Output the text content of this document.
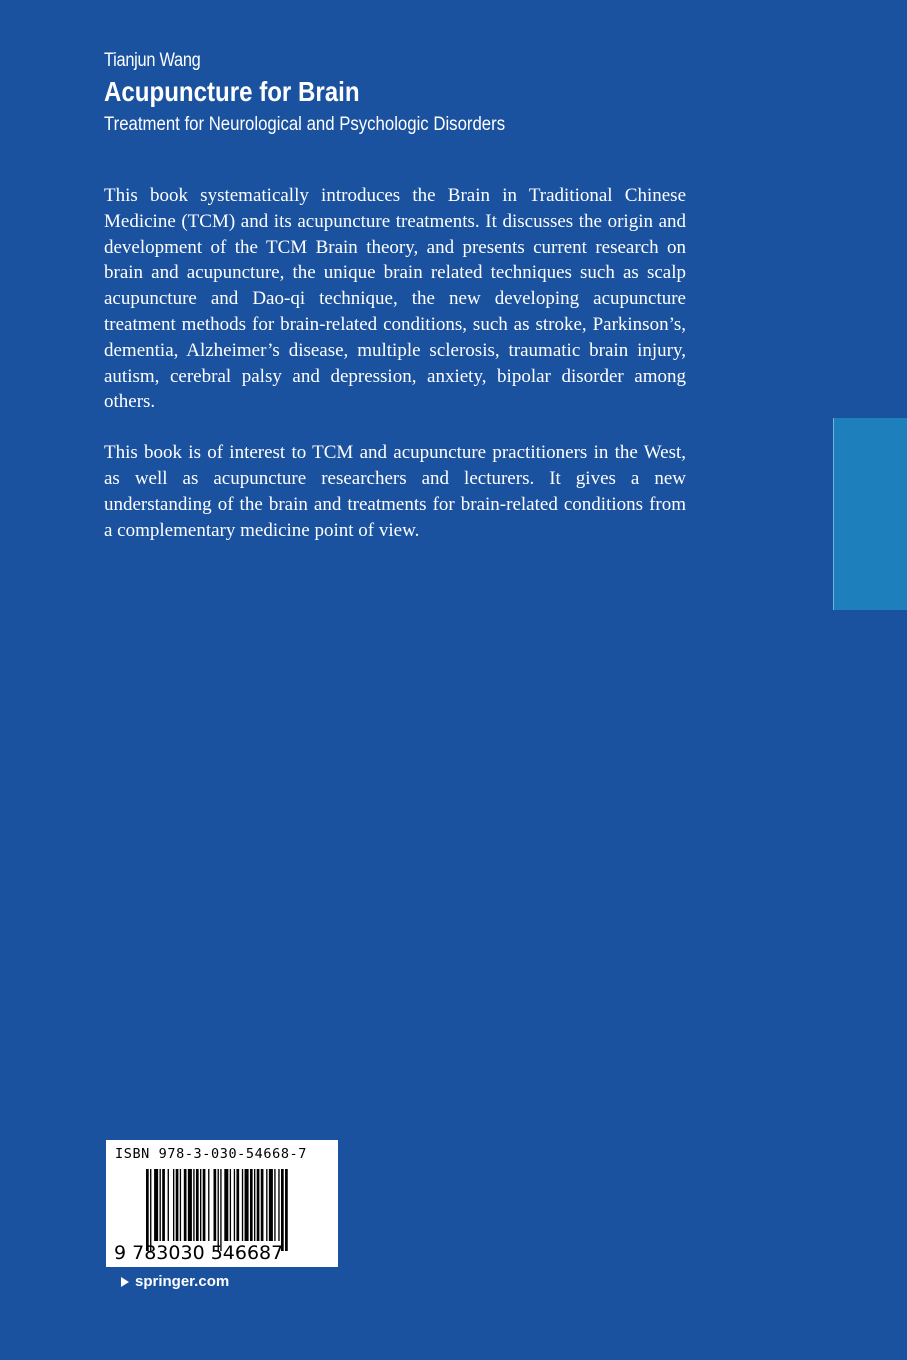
Tianjun Wang
Acupuncture for Brain
Treatment for Neurological and Psychologic Disorders

This book systematically introduces the Brain in Traditional Chinese Medicine (TCM) and its acupuncture treatments. It discusses the origin and development of the TCM Brain theory, and presents current research on brain and acupuncture, the unique brain related techniques such as scalp acupuncture and Dao-qi technique, the new developing acupuncture treatment methods for brain-related conditions, such as stroke, Parkinson’s, dementia, Alzheimer’s disease, multiple sclerosis, traumatic brain injury, autism, cerebral palsy and depression, anxiety, bipolar disorder among others.

This book is of interest to TCM and acupuncture practitioners in the West, as well as acupuncture researchers and lecturers. It gives a new understanding of the brain and treatments for brain-related conditions from a complementary medicine point of view.

ISBN 978-3-030-54668-7
9 783030 546687
springer.com
